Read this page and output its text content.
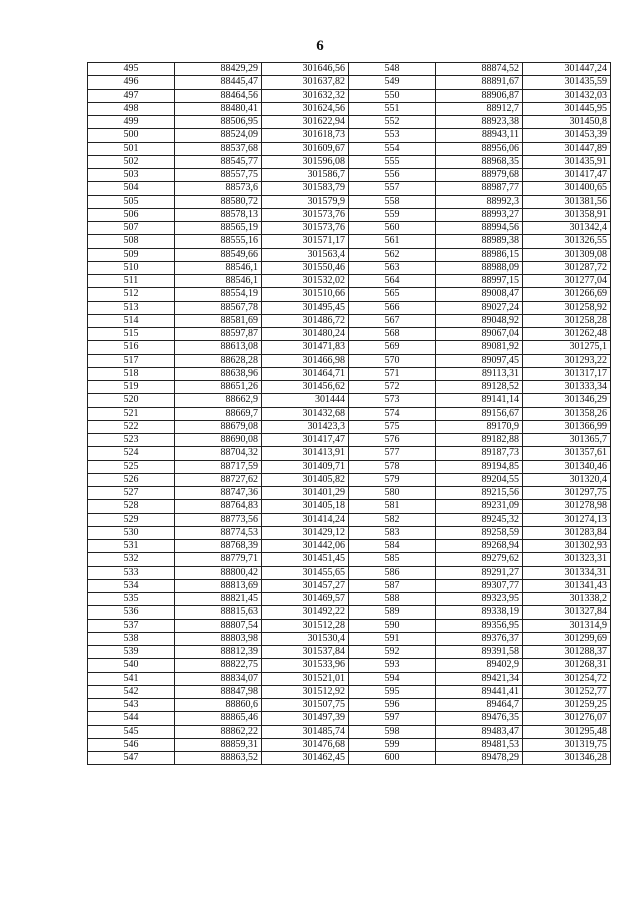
6
495	88429,29	301646,56	548	88874,52	301447,24
496	88445,47	301637,82	549	88891,67	301435,59
497	88464,56	301632,32	550	88906,87	301432,03
498	88480,41	301624,56	551	88912,7	301445,95
499	88506,95	301622,94	552	88923,38	301450,8
500	88524,09	301618,73	553	88943,11	301453,39
501	88537,68	301609,67	554	88956,06	301447,89
502	88545,77	301596,08	555	88968,35	301435,91
503	88557,75	301586,7	556	88979,68	301417,47
504	88573,6	301583,79	557	88987,77	301400,65
505	88580,72	301579,9	558	88992,3	301381,56
506	88578,13	301573,76	559	88993,27	301358,91
507	88565,19	301573,76	560	88994,56	301342,4
508	88555,16	301571,17	561	88989,38	301326,55
509	88549,66	301563,4	562	88986,15	301309,08
510	88546,1	301550,46	563	88988,09	301287,72
511	88546,1	301532,02	564	88997,15	301277,04
512	88554,19	301510,66	565	89008,47	301266,69
513	88567,78	301495,45	566	89027,24	301258,92
514	88581,69	301486,72	567	89048,92	301258,28
515	88597,87	301480,24	568	89067,04	301262,48
516	88613,08	301471,83	569	89081,92	301275,1
517	88628,28	301466,98	570	89097,45	301293,22
518	88638,96	301464,71	571	89113,31	301317,17
519	88651,26	301456,62	572	89128,52	301333,34
520	88662,9	301444	573	89141,14	301346,29
521	88669,7	301432,68	574	89156,67	301358,26
522	88679,08	301423,3	575	89170,9	301366,99
523	88690,08	301417,47	576	89182,88	301365,7
524	88704,32	301413,91	577	89187,73	301357,61
525	88717,59	301409,71	578	89194,85	301340,46
526	88727,62	301405,82	579	89204,55	301320,4
527	88747,36	301401,29	580	89215,56	301297,75
528	88764,83	301405,18	581	89231,09	301278,98
529	88773,56	301414,24	582	89245,32	301274,13
530	88774,53	301429,12	583	89258,59	301283,84
531	88768,39	301442,06	584	89268,94	301302,93
532	88779,71	301451,45	585	89279,62	301323,31
533	88800,42	301455,65	586	89291,27	301334,31
534	88813,69	301457,27	587	89307,77	301341,43
535	88821,45	301469,57	588	89323,95	301338,2
536	88815,63	301492,22	589	89338,19	301327,84
537	88807,54	301512,28	590	89356,95	301314,9
538	88803,98	301530,4	591	89376,37	301299,69
539	88812,39	301537,84	592	89391,58	301288,37
540	88822,75	301533,96	593	89402,9	301268,31
541	88834,07	301521,01	594	89421,34	301254,72
542	88847,98	301512,92	595	89441,41	301252,77
543	88860,6	301507,75	596	89464,7	301259,25
544	88865,46	301497,39	597	89476,35	301276,07
545	88862,22	301485,74	598	89483,47	301295,48
546	88859,31	301476,68	599	89481,53	301319,75
547	88863,52	301462,45	600	89478,29	301346,28
